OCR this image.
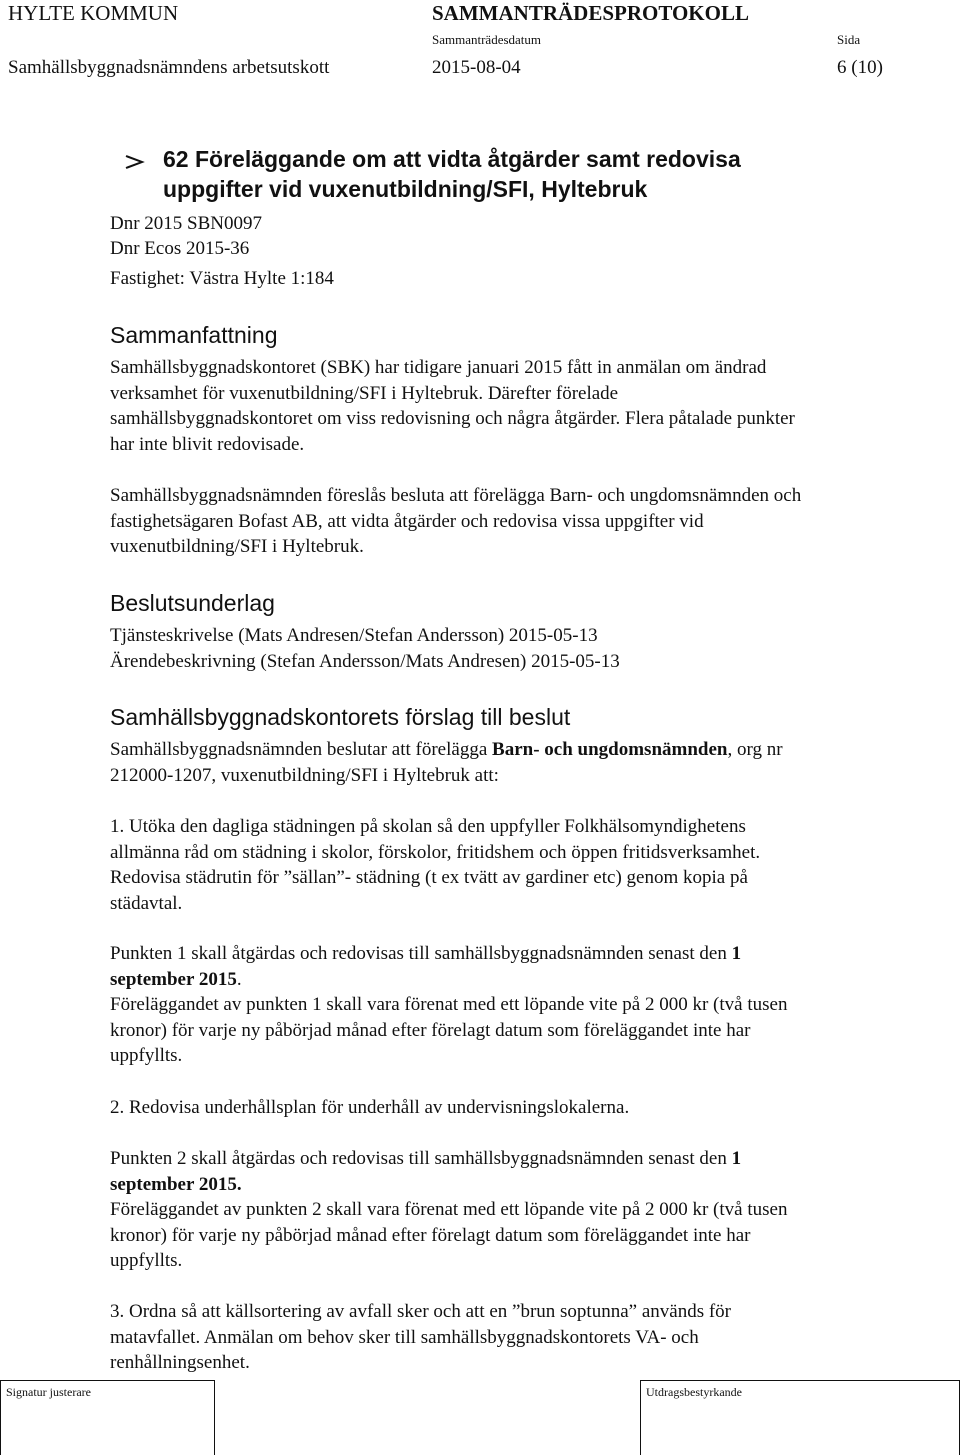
HYLTE KOMMUN	SAMMANTRÄDESPROTOKOLL
Sammanträdesdatum	Sida
Samhällsbyggnadsnämndens arbetsutskott	2015-08-04	6 (10)
62 Föreläggande om att vidta åtgärder samt redovisa
uppgifter vid vuxenutbildning/SFI, Hyltebruk
Dnr 2015 SBN0097
Dnr Ecos 2015-36
Fastighet: Västra Hylte 1:184
Sammanfattning

Samhällsbyggnadskontoret (SBK) har tidigare januari 2015 fått in anmälan om ändrad

verksamhet för vuxenutbildning/SFI i Hyltebruk. Därefter förelade

samhällsbyggnadskontoret om viss redovisning och några åtgärder. Flera påtalade punkter

har inte blivit redovisade.

Samhällsbyggnadsnämnden föreslås besluta att förelägga Barn- och ungdomsnämnden och

fastighetsägaren Bofast AB, att vidta åtgärder och redovisa vissa uppgifter vid

vuxenutbildning/SFI i Hyltebruk.

Beslutsunderlag

Tjänsteskrivelse (Mats Andresen/Stefan Andersson) 2015-05-13

Ärendebeskrivning (Stefan Andersson/Mats Andresen) 2015-05-13

Samhällsbyggnadskontorets förslag till beslut

Samhällsbyggnadsnämnden beslutar att förelägga Barn- och ungdomsnämnden, org nr

212000-1207, vuxenutbildning/SFI i Hyltebruk att:

1. Utöka den dagliga städningen på skolan så den uppfyller Folkhälsomyndighetens

allmänna råd om städning i skolor, förskolor, fritidshem och öppen fritidsverksamhet.

Redovisa städrutin för ”sällan”- städning (t ex tvätt av gardiner etc) genom kopia på

städavtal.

Punkten 1 skall åtgärdas och redovisas till samhällsbyggnadsnämnden senast den 1

september 2015.

Föreläggandet av punkten 1 skall vara förenat med ett löpande vite på 2 000 kr (två tusen

kronor) för varje ny påbörjad månad efter förelagt datum som föreläggandet inte har

uppfyllts.

2. Redovisa underhållsplan för underhåll av undervisningslokalerna.

Punkten 2 skall åtgärdas och redovisas till samhällsbyggnadsnämnden senast den 1

september 2015.

Föreläggandet av punkten 2 skall vara förenat med ett löpande vite på 2 000 kr (två tusen

kronor) för varje ny påbörjad månad efter förelagt datum som föreläggandet inte har

uppfyllts.

3. Ordna så att källsortering av avfall sker och att en ”brun soptunna” används för

matavfallet. Anmälan om behov sker till samhällsbyggnadskontorets VA- och

renhållningsenhet.

Signatur justerare	Utdragsbestyrkande
